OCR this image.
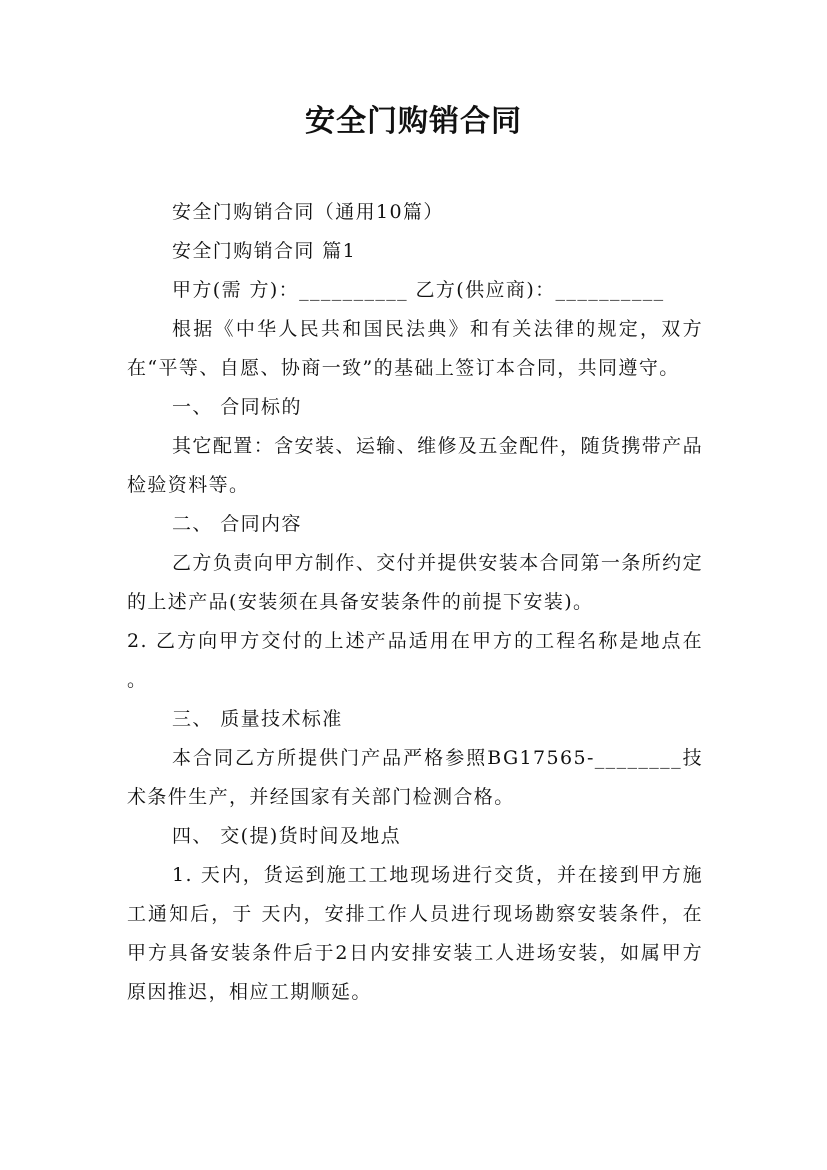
安全门购销合同

安全门购销合同（通用10篇）

安全门购销合同 篇1

甲方(需 方)：__________ 乙方(供应商)：__________

根据《中华人民共和国民法典》和有关法律的规定，双方在“平等、自愿、协商一致”的基础上签订本合同，共同遵守。

一、 合同标的

其它配置：含安装、运输、维修及五金配件，随货携带产品检验资料等。

二、 合同内容

乙方负责向甲方制作、交付并提供安装本合同第一条所约定的上述产品(安装须在具备安装条件的前提下安装)。

2. 乙方向甲方交付的上述产品适用在甲方的工程名称是地点在 。

三、 质量技术标准

本合同乙方所提供门产品严格参照BG17565-________技术条件生产，并经国家有关部门检测合格。

四、 交(提)货时间及地点

1. 天内，货运到施工工地现场进行交货，并在接到甲方施工通知后，于 天内，安排工作人员进行现场勘察安装条件，在甲方具备安装条件后于2日内安排安装工人进场安装，如属甲方原因推迟，相应工期顺延。
